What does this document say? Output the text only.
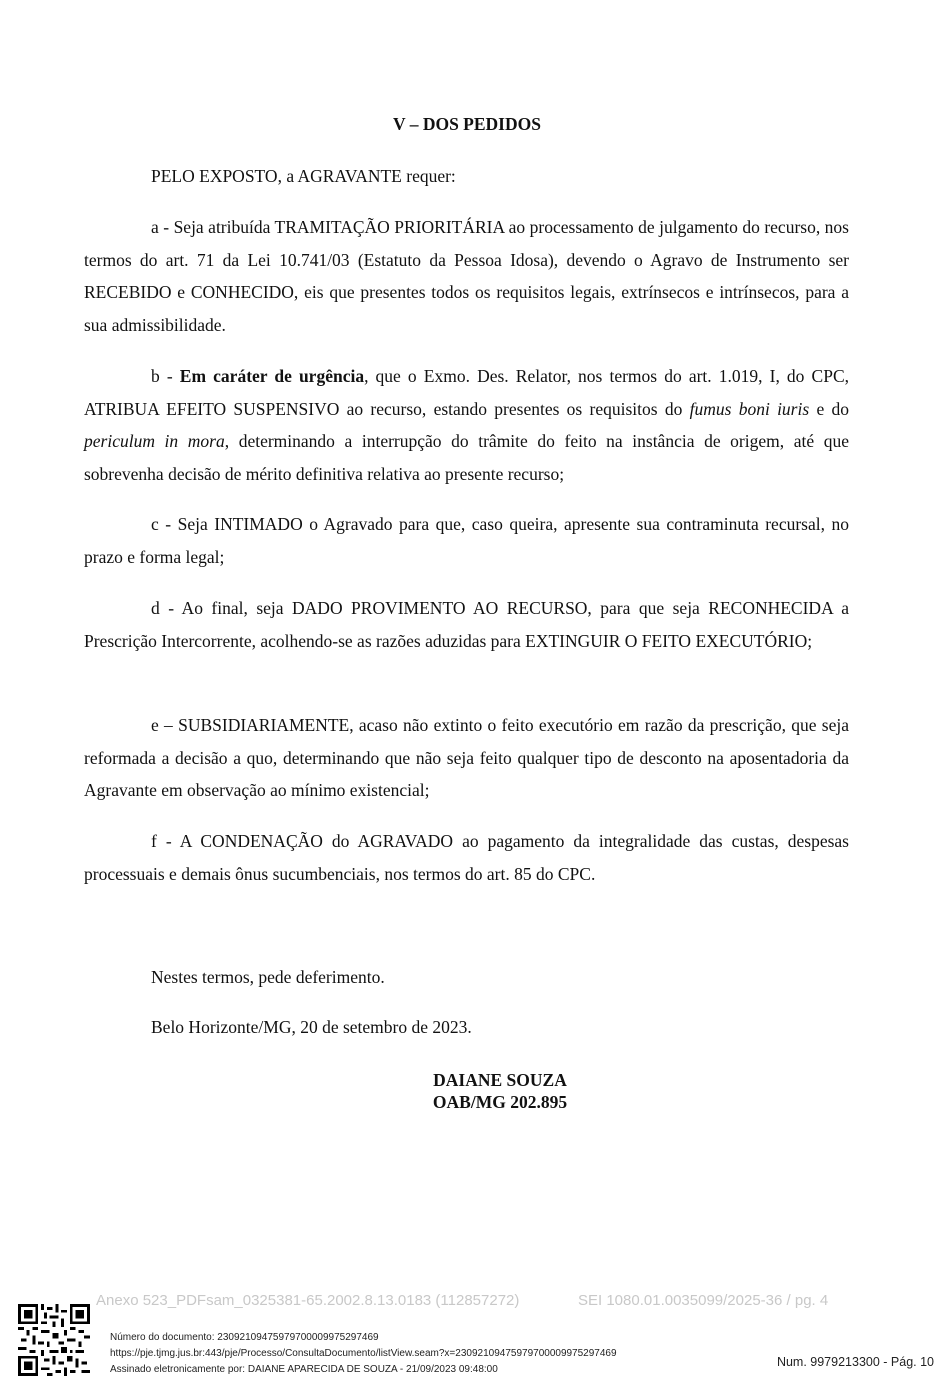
V – DOS PEDIDOS

PELO EXPOSTO, a AGRAVANTE requer:

a - Seja atribuída TRAMITAÇÃO PRIORITÁRIA ao processamento de julgamento do recurso, nos termos do art. 71 da Lei 10.741/03 (Estatuto da Pessoa Idosa), devendo o Agravo de Instrumento ser RECEBIDO e CONHECIDO, eis que presentes todos os requisitos legais, extrínsecos e intrínsecos, para a sua admissibilidade.

b - Em caráter de urgência, que o Exmo. Des. Relator, nos termos do art. 1.019, I, do CPC, ATRIBUA EFEITO SUSPENSIVO ao recurso, estando presentes os requisitos do fumus boni iuris e do periculum in mora, determinando a interrupção do trâmite do feito na instância de origem, até que sobrevenha decisão de mérito definitiva relativa ao presente recurso;

c - Seja INTIMADO o Agravado para que, caso queira, apresente sua contraminuta recursal, no prazo e forma legal;

d - Ao final, seja DADO PROVIMENTO AO RECURSO, para que seja RECONHECIDA a Prescrição Intercorrente, acolhendo-se as razões aduzidas para EXTINGUIR O FEITO EXECUTÓRIO;

e – SUBSIDIARIAMENTE, acaso não extinto o feito executório em razão da prescrição, que seja reformada a decisão a quo, determinando que não seja feito qualquer tipo de desconto na aposentadoria da Agravante em observação ao mínimo existencial;

f - A CONDENAÇÃO do AGRAVADO ao pagamento da integralidade das custas, despesas processuais e demais ônus sucumbenciais, nos termos do art. 85 do CPC.

Nestes termos, pede deferimento.

Belo Horizonte/MG, 20 de setembro de 2023.

DAIANE SOUZA
OAB/MG 202.895
Anexo 523_PDFsam_0325381-65.2002.8.13.0183 (112857272)	SEI 1080.01.0035099/2025-36 / pg. 4
Número do documento: 23092109475979700009975297469
https://pje.tjmg.jus.br:443/pje/Processo/ConsultaDocumento/listView.seam?x=23092109475979700009975297469
Assinado eletronicamente por: DAIANE APARECIDA DE SOUZA - 21/09/2023 09:48:00
Num. 9979213300 - Pág. 10
